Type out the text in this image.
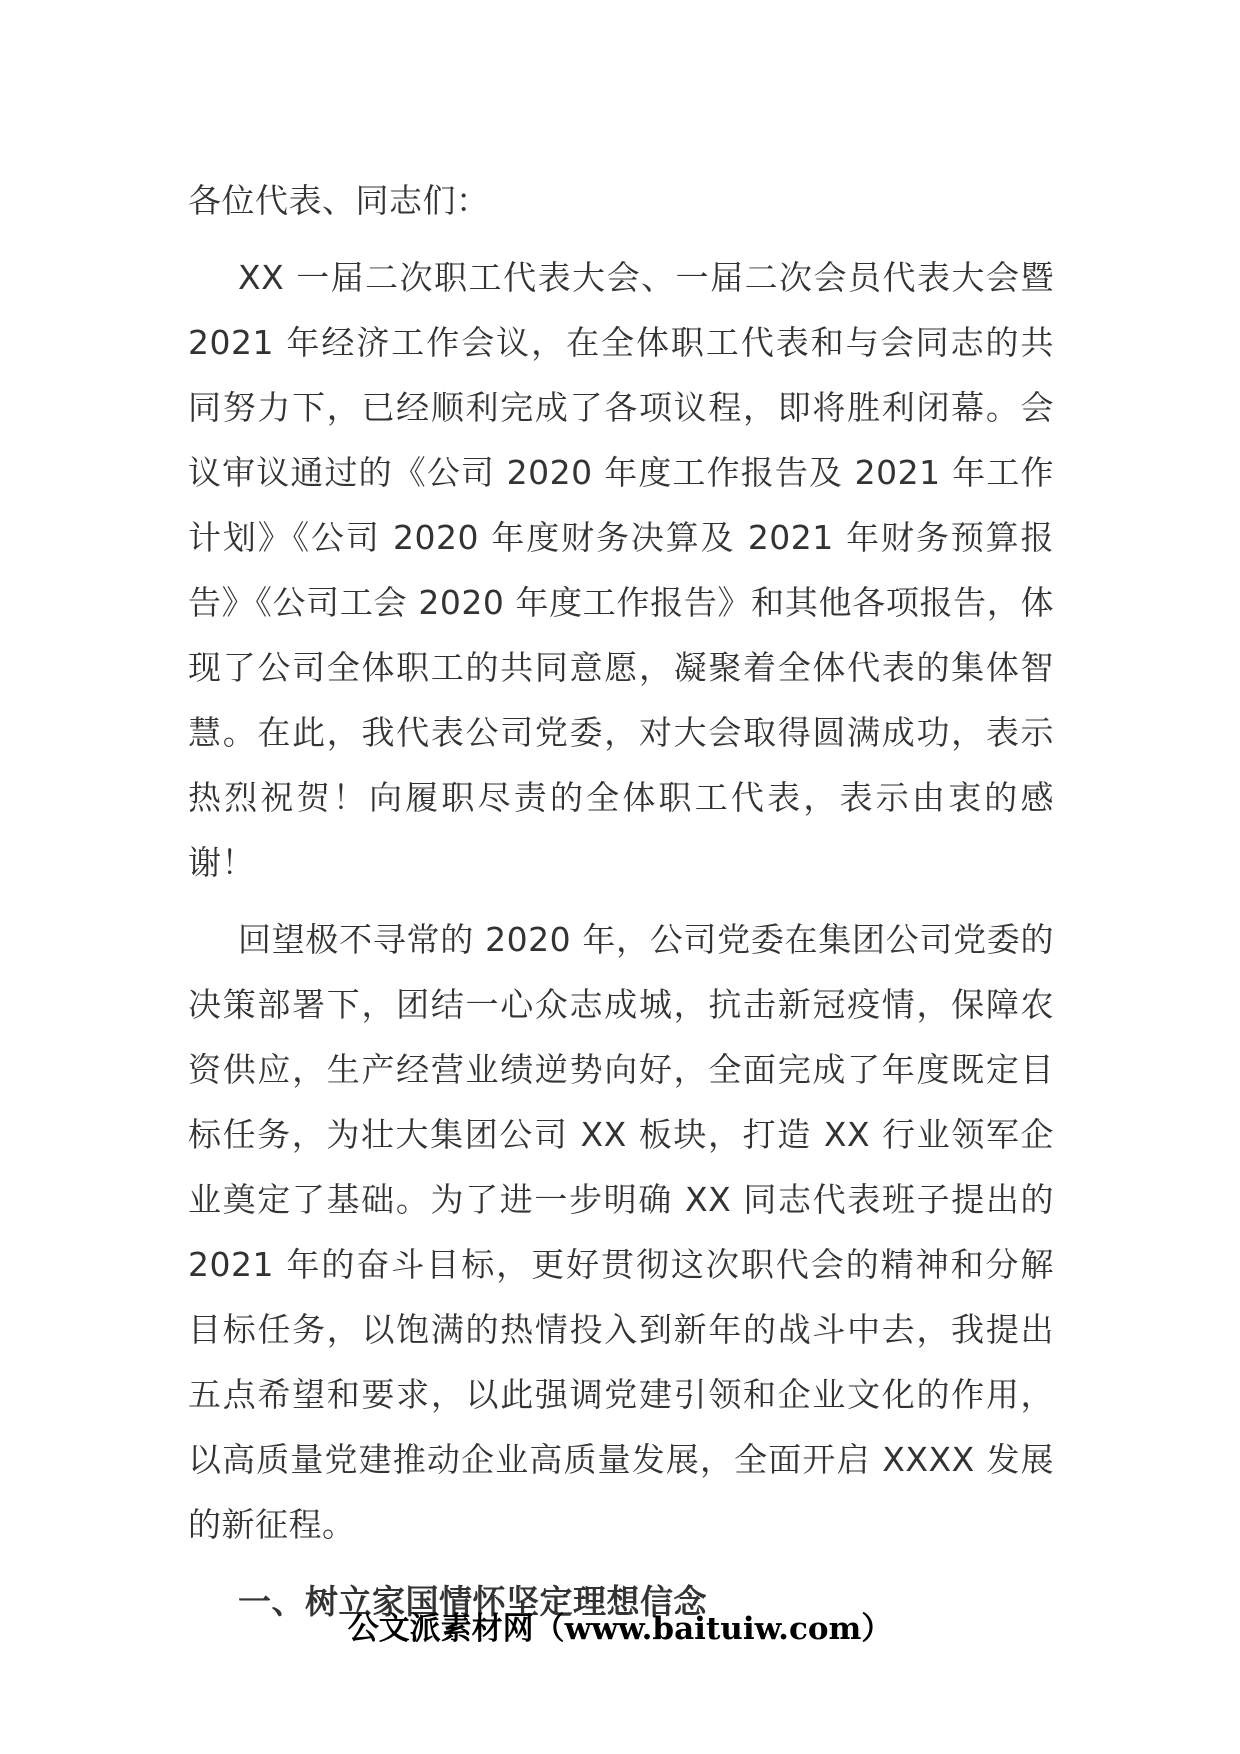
各位代表、同志们：

XX 一届二次职工代表大会、一届二次会员代表大会暨 2021 年经济工作会议，在全体职工代表和与会同志的共同努力下，已经顺利完成了各项议程，即将胜利闭幕。会议审议通过的《公司 2020 年度工作报告及 2021 年工作计划》《公司 2020 年度财务决算及 2021 年财务预算报告》《公司工会 2020 年度工作报告》和其他各项报告，体现了公司全体职工的共同意愿，凝聚着全体代表的集体智慧。在此，我代表公司党委，对大会取得圆满成功，表示热烈祝贺！向履职尽责的全体职工代表，表示由衷的感谢！

回望极不寻常的 2020 年，公司党委在集团公司党委的决策部署下，团结一心众志成城，抗击新冠疫情，保障农资供应，生产经营业绩逆势向好，全面完成了年度既定目标任务，为壮大集团公司 XX 板块，打造 XX 行业领军企业奠定了基础。为了进一步明确 XX 同志代表班子提出的 2021 年的奋斗目标，更好贯彻这次职代会的精神和分解目标任务，以饱满的热情投入到新年的战斗中去，我提出五点希望和要求，以此强调党建引领和企业文化的作用，以高质量党建推动企业高质量发展，全面开启 XXXX 发展的新征程。

一、树立家国情怀坚定理想信念

公文派素材网（www.baituiw.com）
